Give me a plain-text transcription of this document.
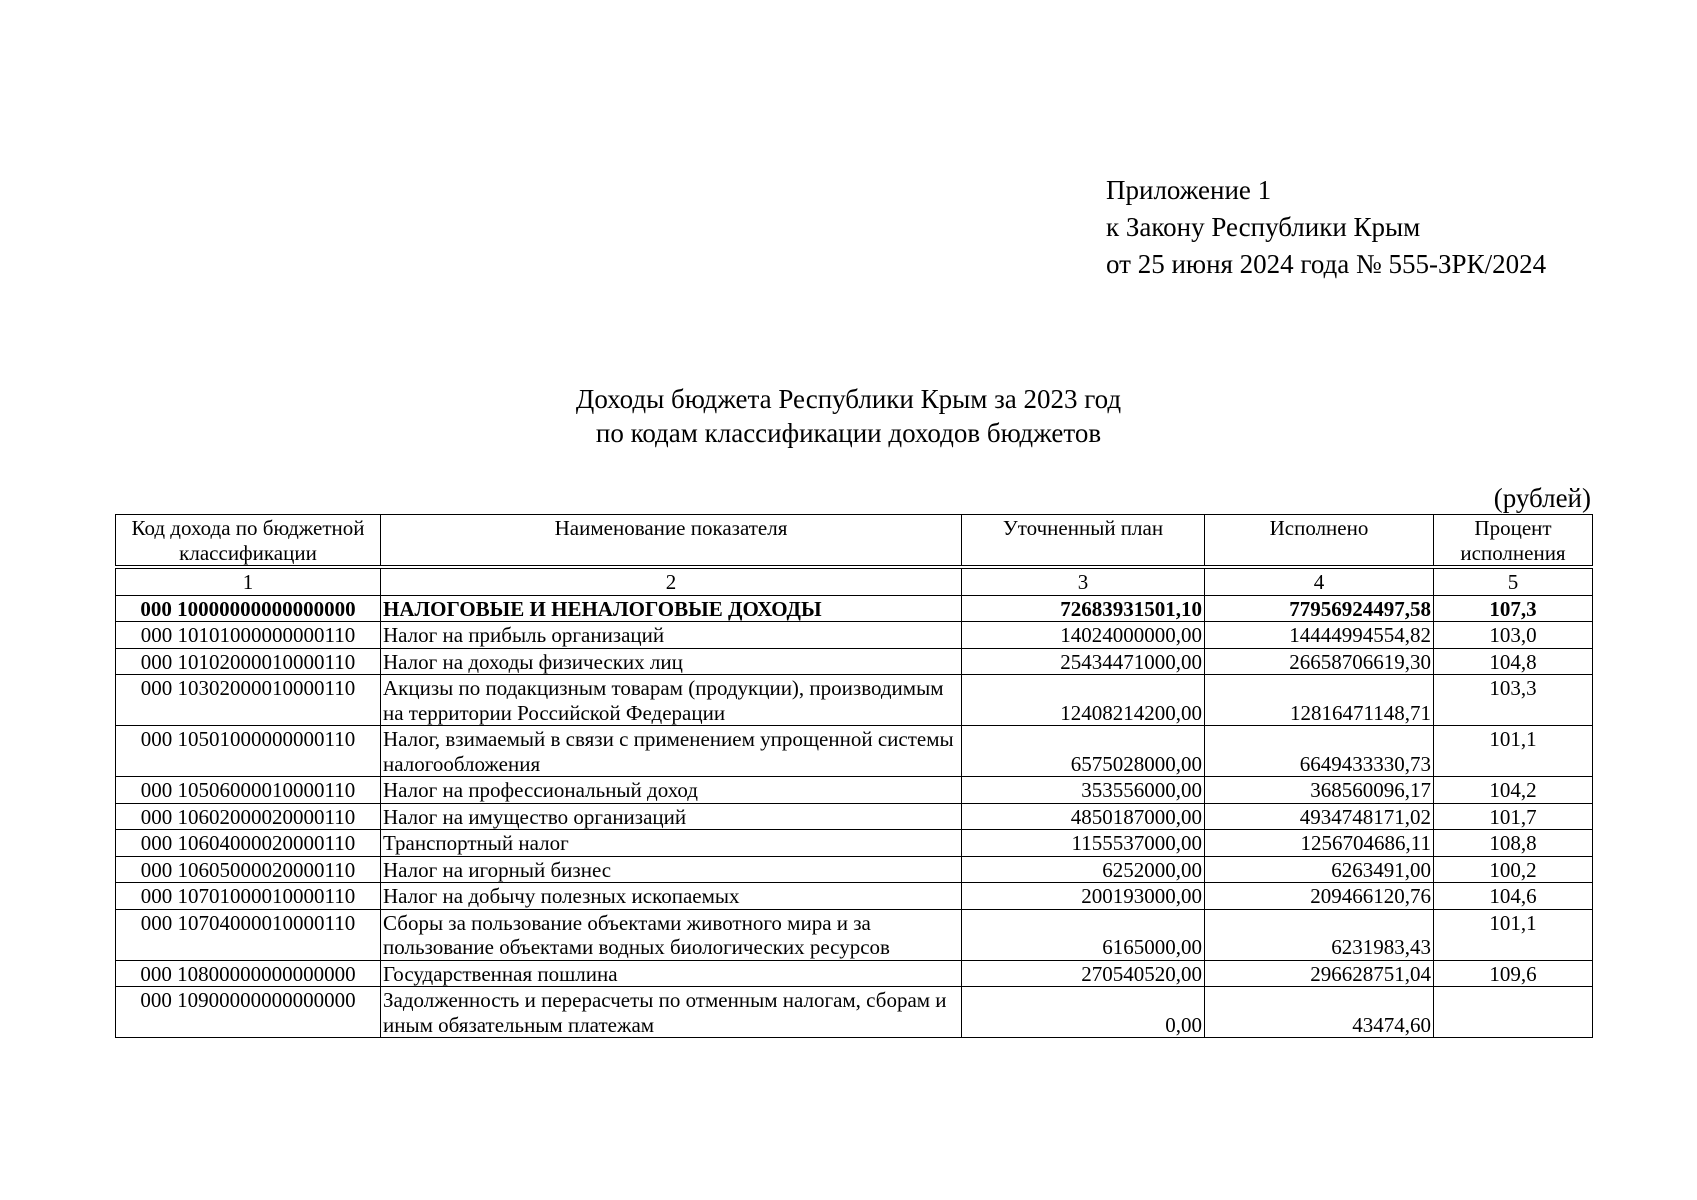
Приложение 1
к Закону Республики Крым
от 25 июня 2024 года № 555-ЗРК/2024
Доходы бюджета Республики Крым за 2023 год
по кодам классификации доходов бюджетов
(рублей)
Код дохода по бюджетной классификации	Наименование показателя	Уточненный план	Исполнено	Процент исполнения
1	2	3	4	5
000 10000000000000000	НАЛОГОВЫЕ И НЕНАЛОГОВЫЕ ДОХОДЫ	72683931501,10	77956924497,58	107,3
000 10101000000000110	Налог на прибыль организаций	14024000000,00	14444994554,82	103,0
000 10102000010000110	Налог на доходы физических лиц	25434471000,00	26658706619,30	104,8
000 10302000010000110	Акцизы по подакцизным товарам (продукции), производимым на территории Российской Федерации	12408214200,00	12816471148,71	103,3
000 10501000000000110	Налог, взимаемый в связи с применением упрощенной системы налогообложения	6575028000,00	6649433330,73	101,1
000 10506000010000110	Налог на профессиональный доход	353556000,00	368560096,17	104,2
000 10602000020000110	Налог на имущество организаций	4850187000,00	4934748171,02	101,7
000 10604000020000110	Транспортный налог	1155537000,00	1256704686,11	108,8
000 10605000020000110	Налог на игорный бизнес	6252000,00	6263491,00	100,2
000 10701000010000110	Налог на добычу полезных ископаемых	200193000,00	209466120,76	104,6
000 10704000010000110	Сборы за пользование объектами животного мира и за пользование объектами водных биологических ресурсов	6165000,00	6231983,43	101,1
000 10800000000000000	Государственная пошлина	270540520,00	296628751,04	109,6
000 10900000000000000	Задолженность и перерасчеты по отменным налогам, сборам и иным обязательным платежам	0,00	43474,60	
